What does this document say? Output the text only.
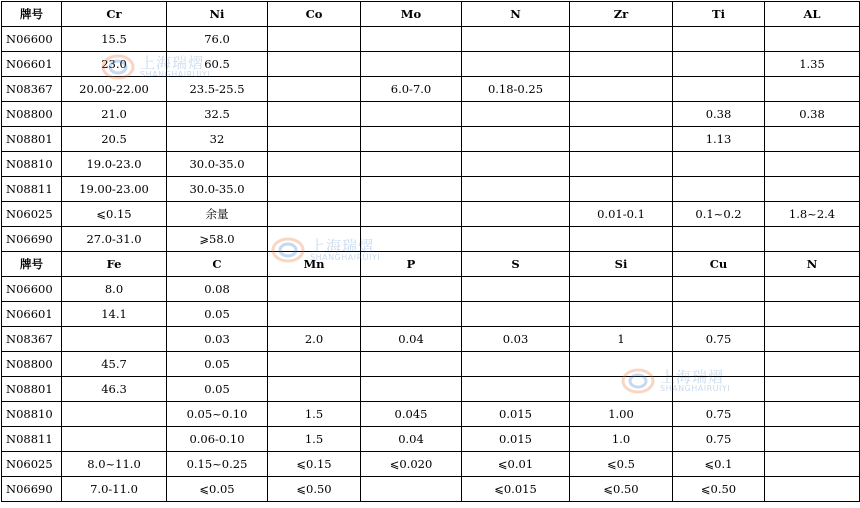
牌号	Cr	Ni	Co	Mo	N	Zr	Ti	AL
N06600	15.5	76.0						
N06601	23.0	60.5						1.35
N08367	20.00-22.00	23.5-25.5		6.0-7.0	0.18-0.25			
N08800	21.0	32.5					0.38	0.38
N08801	20.5	32					1.13	
N08810	19.0-23.0	30.0-35.0						
N08811	19.00-23.00	30.0-35.0						
N06025	⩽0.15	余量				0.01-0.1	0.1~0.2	1.8~2.4
N06690	27.0-31.0	⩾58.0						
牌号	Fe	C	Mn	P	S	Si	Cu	N
N06600	8.0	0.08						
N06601	14.1	0.05						
N08367		0.03	2.0	0.04	0.03	1	0.75	
N08800	45.7	0.05						
N08801	46.3	0.05						
N08810		0.05~0.10	1.5	0.045	0.015	1.00	0.75	
N08811		0.06-0.10	1.5	0.04	0.015	1.0	0.75	
N06025	8.0~11.0	0.15~0.25	⩽0.15	⩽0.020	⩽0.01	⩽0.5	⩽0.1	
N06690	7.0-11.0	⩽0.05	⩽0.50		⩽0.015	⩽0.50	⩽0.50	
上海瑞熠
SHANGHAIRUIYI
上海瑞熠
SHANGHAIRUIYI
上海瑞熠
SHANGHAIRUIYI
